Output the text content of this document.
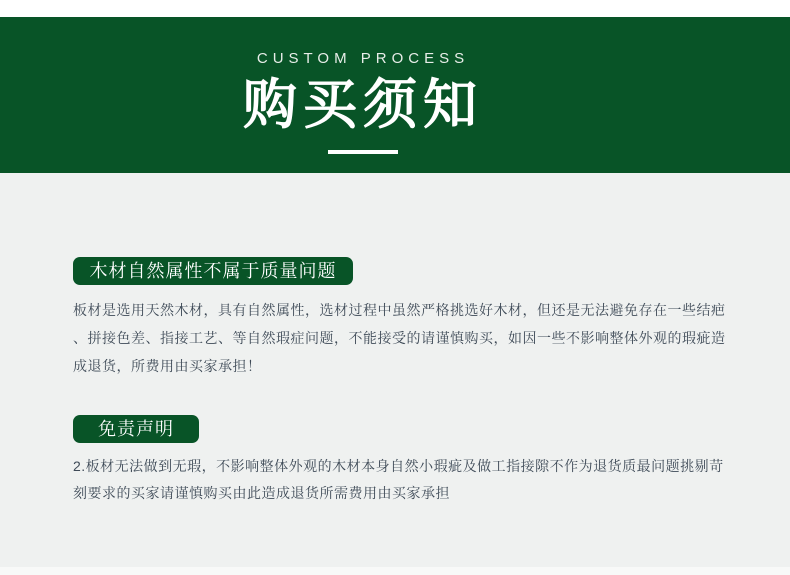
CUSTOM PROCESS
购买须知
木材自然属性不属于质量问题
板材是选用天然木材，具有自然属性，选材过程中虽然严格挑选好木材，但还是无法避免存在一些结疤
、拼接色差、指接工艺、等自然瑕症问题，不能接受的请谨慎购买，如因一些不影响整体外观的瑕疵造
成退货，所费用由买家承担！
免责声明
2.板材无法做到无瑕，不影响整体外观的木材本身自然小瑕疵及做工指接隙不作为退货质最问题挑剔苛
刻要求的买家请谨慎购买由此造成退货所需费用由买家承担
